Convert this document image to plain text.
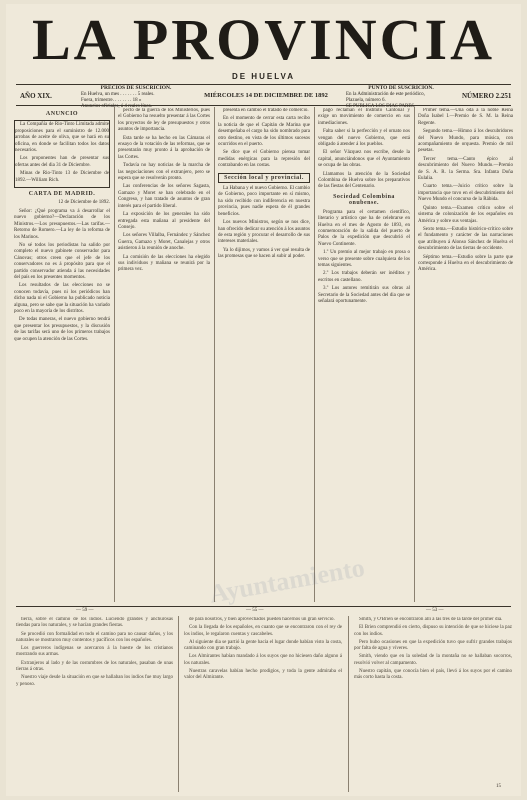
LA PROVINCIA
DE HUELVA
AÑO XIX.
PRECIOS DE SUSCRICION.
En Huelva, un mes . . . . . . . 5 reales.
Fuera, trimestre. . . . . . . . 18 »
Anuncios oficiales, á 4 reales línea.
MIÉRCOLES 14 DE DICIEMBRE DE 1892
PUNTO DE SUSCRICION.
En la Administración de este periódico,
Plazuela, número 6.
SE PUBLICA LOS DIAS PARES.
NÚMERO 2.251
ANUNCIO

La Compañía de Rio-Tinto Limitada admite proposiciones para el suministro de 12.000 arrobas de aceite de oliva, que se hará en su oficina, en donde se facilitan todos los datos necesarios.

Los proponentes han de presentar sus ofertas antes del dia 31 de Diciembre.

Minas de Rio-Tinto 13 de Diciembre de 1892.—William Rich.

CARTA DE MADRID.

12 de Diciembre de 1892.

Señor: ¿Qué programa va á desarrollar el nuevo gobierno?—Declaración de los Ministros.—Los presupuestos.—Las tarifas.—Retorno de Romero.—La ley de la reforma de los Marinos.

No sé todos los periodistas ha salido por completo el nuevo gabinete conservador para Cánovas; otros creen que el jefe de los conservadores no es á propósito para que el partido conservador atienda á las necesidades del país en los presentes momentos.

Los resultados de las elecciones no se conocen todavía, pues ni los periódicos han dicho nada ni el Gobierno ha publicado noticia alguna, pero se sabe que la situación ha variado poco en la mayoría de los distritos.

De todas maneras, el nuevo gobierno tendrá que presentar los presupuestos, y la discusión de las tarifas será uno de los primeros trabajos que ocupen la atención de las Cortes.

pecto de la guerra de los Ministerios, pues el Gobierno ha resuelto presentar á las Cortes los proyectos de ley de presupuestos y otros asuntos de importancia.

Esta tarde se ha hecho en las Cámaras el ensayo de la votación de las reformas, que se presentarán muy pronto á la aprobación de las Cortes.

Todavía no hay noticias de la marcha de las negociaciones con el extranjero, pero se espera que se resolverán pronto.

Las conferencias de los señores Sagasta, Gamazo y Moret se han celebrado en el Congreso, y han tratado de asuntos de gran interés para el partido liberal.

La exposición de los generales ha sido entregada esta mañana al presidente del Consejo.

Los señores Villalba, Fernández y Sánchez Guerra, Gamazo y Moret, Canalejas y otros asistieron á la reunión de anoche.

La comisión de las elecciones ha elegido sus individuos y mañana se reunirá por la primera vez.

presenta en cambio el tratado de comercio.

En el momento de cerrar esta carta recibo la noticia de que el Capitán de Marina que desempeñaba el cargo ha sido nombrado para otro destino, en vista de los últimos sucesos ocurridos en el puerto.

Se dice que el Gobierno piensa tomar medidas enérgicas para la represión del contrabando en las costas.

Sección local y provincial.

La Habana y el nuevo Gobierno. El cambio de Gobierno, poco importante en sí mismo, ha sido recibido con indiferencia en nuestra provincia, pues nadie espera de él grandes beneficios.

Los nuevos Ministros, según se nos dice, han ofrecido dedicar su atención á los asuntos de esta región y procurar el desarrollo de sus intereses materiales.

Ya lo dijimos, y vamos á ver qué resulta de las promesas que se hacen al subir al poder.

pago reclaman el Instituto Cantonal y exige un movimiento de comercio en sus inmediaciones.

Falta saber si la perfección y el ornato nos vengan del nuevo Gobierno, que está obligado á atender á los pueblos.

El señor Vázquez nos escribe, desde la capital, anunciándonos que el Ayuntamiento se ocupa de las obras.

Llamamos la atención de la Sociedad Colombina de Huelva sobre los preparativos de las fiestas del Centenario.

Sociedad Colombina onubense.

Programa para el certamen científico, literario y artístico que ha de celebrarse en Huelva en el mes de Agosto de 1893, en conmemoración de la salida del puerto de Palos de la expedición que descubrió el Nuevo Continente.

1.º Un premio al mejor trabajo en prosa o verso que se presente sobre cualquiera de los temas siguientes.

2.º Los trabajos deberán ser inéditos y escritos en castellano.

3.º Los autores remitirán sus obras al Secretario de la Sociedad antes del dia que se señalará oportunamente.

Primer tema.—Una oda á la noble Reina Doña Isabel I.—Premio de S. M. la Reina Regente.

Segundo tema.—Himno á los descubridores del Nuevo Mundo, para música, con acompañamiento de orquesta. Premio de mil pesetas.

Tercer tema.—Canto épico al descubrimiento del Nuevo Mundo.—Premio de S. A. R. la Serma. Sra. Infanta Doña Eulalia.

Cuarto tema.—Juicio crítico sobre la importancia que tuvo en el descubrimiento del Nuevo Mundo el concurso de la Rábida.

Quinto tema.—Examen crítico sobre el sistema de colonización de los españoles en América y sobre sus ventajas.

Sexto tema.—Estudio histórico-crítico sobre el fundamento y carácter de las narraciones que atribuyen á Alonso Sánchez de Huelva el descubrimiento de las tierras de occidente.

Séptimo tema.—Estudio sobre la parte que corresponde á Huelva en el descubrimiento de América.

— 59 —	— 55 —	— 53 —

tierra, sobre el camino de los indios. Luciendo grandes y anchurosas tiendas para los naturales, y se hacían grandes fiestas.

Se procedió con formalidad en todo el camino para no causar daños, y los naturales se mostraron muy contentos y pacíficos con los españoles.

Los guerreros indígenas se acercaron á la hueste de los cristianos mostrando sus armas.

Extranjeros al lado y de las costumbres de los naturales, pasaban de unas tierras á otras.

Nuestro viaje desde la situación en que se hallaban los indios fue muy largo y penoso.

de para nosotros, y bien aprovechados pueden hacernos un gran servicio.

Con la llegada de los españoles, en cuanto que se encontraron con el rey de los indios, le regalaron cuentas y cascabeles.

Al siguiente dia se partió la gente hacia el lugar donde habían visto la costa, caminando con gran trabajo.

Los Almirantes habían mandado á los suyos que no hiciesen daño alguno á los naturales.

Nuestras caravelas habían hecho prodigios, y toda la gente admiraba el valor del Almirante.

Smith, y O'Brien se encontraron allí á las tres de la tarde del primer dia.

El Brien comprendió en cierto, dispuso su intención de que se hiciese la paz con los indios.

Pero hubo ocasiones en que la expedición tuvo que sufrir grandes trabajos por falta de agua y víveres.

Smith, viendo que en la soledad de la montaña no se hallaban socorros, resolvió volver al campamento.

Nuestro capitán, que conocía bien el país, llevó á los suyos por el camino más corto hasta la costa.

15
Ayuntamiento
